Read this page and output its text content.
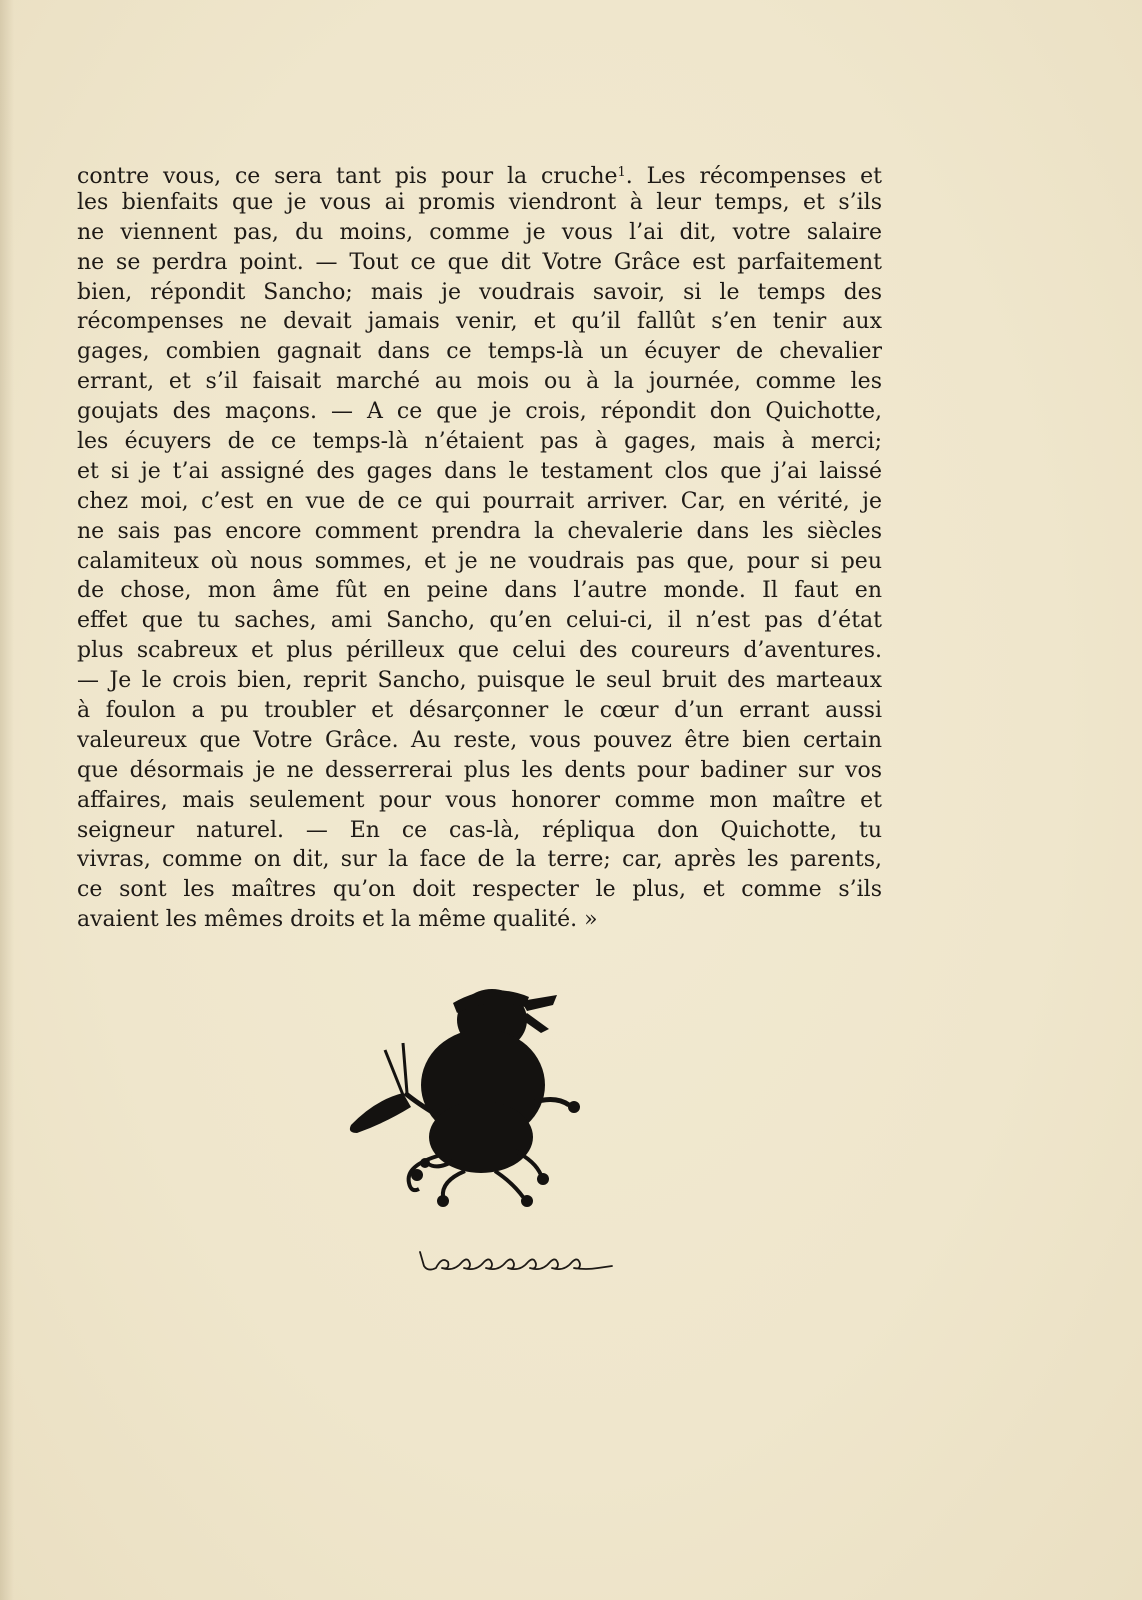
contre vous, ce sera tant pis pour la cruche$^1$. Les récompenses et
les bienfaits que je vous ai promis viendront à leur temps, et s’ils
ne viennent pas, du moins, comme je vous l’ai dit, votre salaire
ne se perdra point. — Tout ce que dit Votre Grâce est parfaitement
bien, répondit Sancho; mais je voudrais savoir, si le temps des
récompenses ne devait jamais venir, et qu’il fallût s’en tenir aux
gages, combien gagnait dans ce temps-là un écuyer de chevalier
errant, et s’il faisait marché au mois ou à la journée, comme les
goujats des maçons. — A ce que je crois, répondit don Quichotte,
les écuyers de ce temps-là n’étaient pas à gages, mais à merci;
et si je t’ai assigné des gages dans le testament clos que j’ai laissé
chez moi, c’est en vue de ce qui pourrait arriver. Car, en vérité, je
ne sais pas encore comment prendra la chevalerie dans les siècles
calamiteux où nous sommes, et je ne voudrais pas que, pour si peu
de chose, mon âme fût en peine dans l’autre monde. Il faut en
effet que tu saches, ami Sancho, qu’en celui-ci, il n’est pas d’état
plus scabreux et plus périlleux que celui des coureurs d’aventures.
— Je le crois bien, reprit Sancho, puisque le seul bruit des marteaux
à foulon a pu troubler et désarçonner le cœur d’un errant aussi
valeureux que Votre Grâce. Au reste, vous pouvez être bien certain
que désormais je ne desserrerai plus les dents pour badiner sur vos
affaires, mais seulement pour vous honorer comme mon maître et
seigneur naturel. — En ce cas-là, répliqua don Quichotte, tu
vivras, comme on dit, sur la face de la terre; car, après les parents,
ce sont les maîtres qu’on doit respecter le plus, et comme s’ils
avaient les mêmes droits et la même qualité. »
